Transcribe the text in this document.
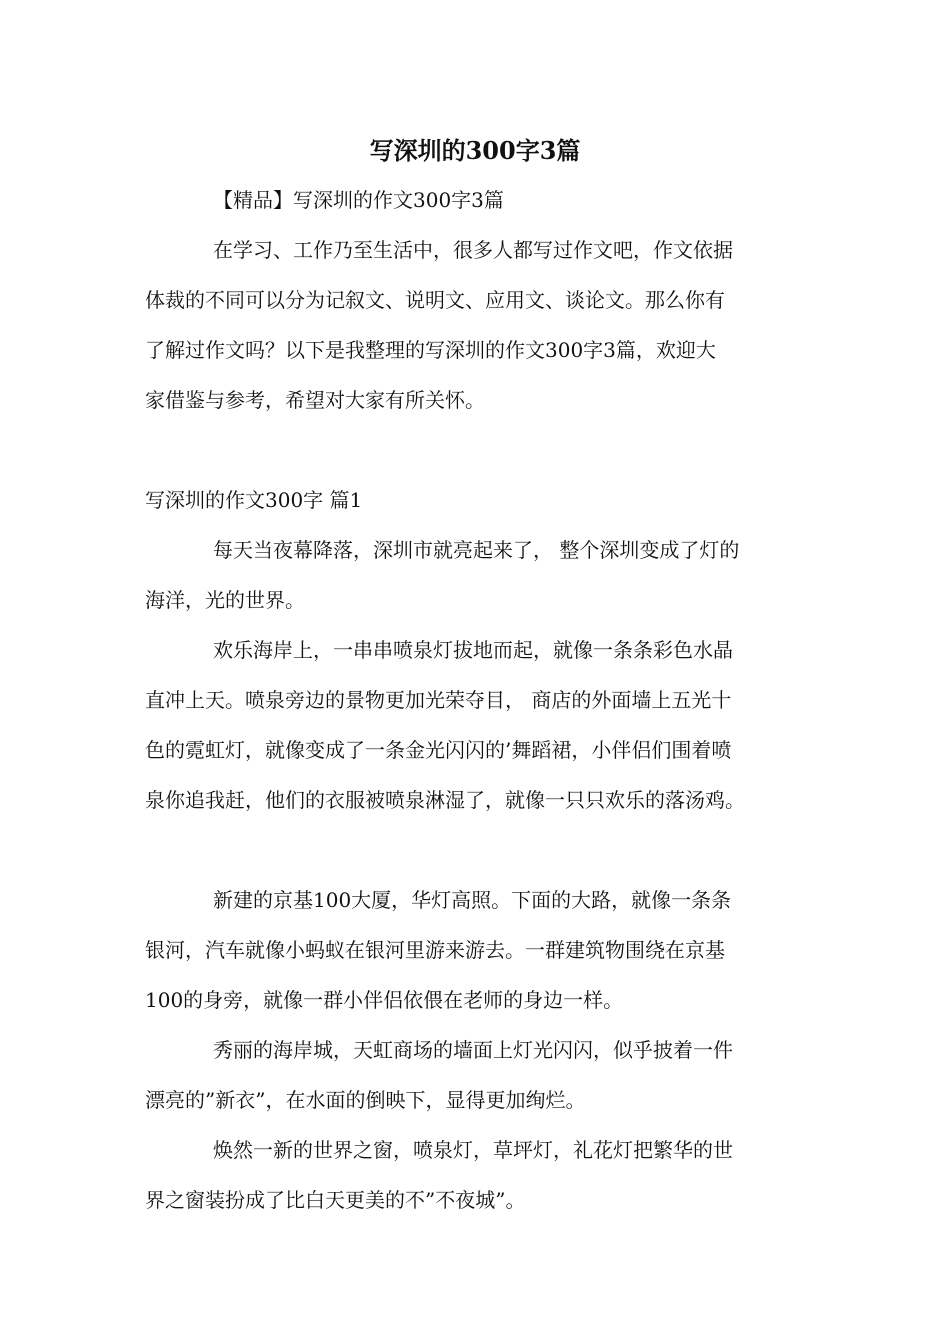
写深圳的300字3篇
【精品】写深圳的作文300字3篇
在学习、工作乃至生活中，很多人都写过作文吧，作文依据
体裁的不同可以分为记叙文、说明文、应用文、谈论文。那么你有
了解过作文吗？以下是我整理的写深圳的作文300字3篇，欢迎大
家借鉴与参考，希望对大家有所关怀。
写深圳的作文300字 篇1
每天当夜幕降落，深圳市就亮起来了， 整个深圳变成了灯的
海洋，光的世界。
欢乐海岸上，一串串喷泉灯拔地而起，就像一条条彩色水晶
直冲上天。喷泉旁边的景物更加光荣夺目， 商店的外面墙上五光十
色的霓虹灯，就像变成了一条金光闪闪的’舞蹈裙，小伴侣们围着喷
泉你追我赶，他们的衣服被喷泉淋湿了，就像一只只欢乐的落汤鸡。
新建的京基100大厦，华灯高照。下面的大路，就像一条条
银河，汽车就像小蚂蚁在银河里游来游去。一群建筑物围绕在京基
100的身旁，就像一群小伴侣依偎在老师的身边一样。
秀丽的海岸城，天虹商场的墙面上灯光闪闪，似乎披着一件
漂亮的”新衣”，在水面的倒映下，显得更加绚烂。
焕然一新的世界之窗，喷泉灯，草坪灯，礼花灯把繁华的世
界之窗装扮成了比白天更美的不”不夜城”。
